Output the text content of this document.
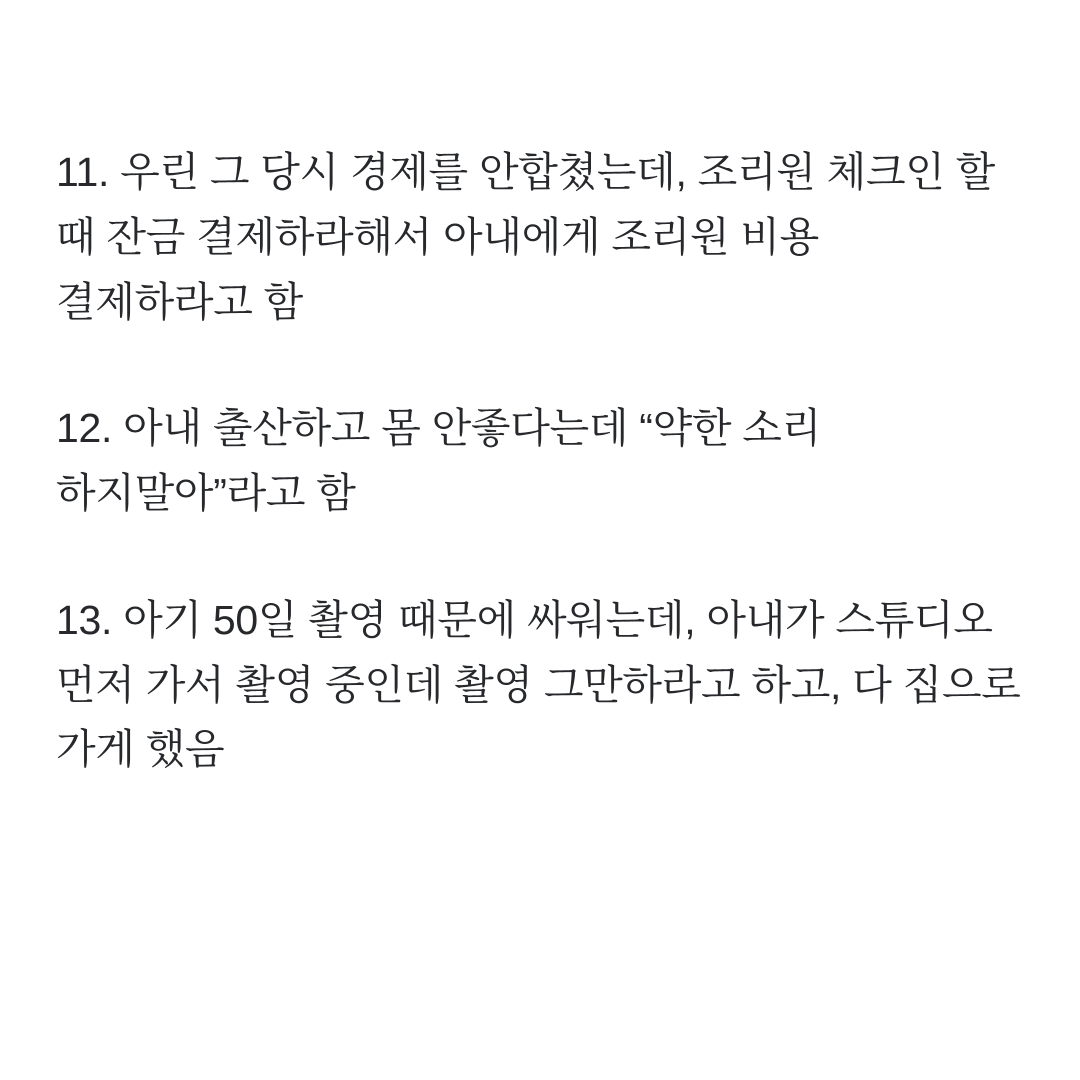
11. 우린 그 당시 경제를 안합쳤는데, 조리원 체크인 할 때 잔금 결제하라해서 아내에게 조리원 비용 결제하라고 함

12. 아내 출산하고 몸 안좋다는데 “약한 소리 하지말아”라고 함

13. 아기 50일 촬영 때문에 싸워는데, 아내가 스튜디오 먼저 가서 촬영 중인데 촬영 그만하라고 하고, 다 집으로 가게 했음
